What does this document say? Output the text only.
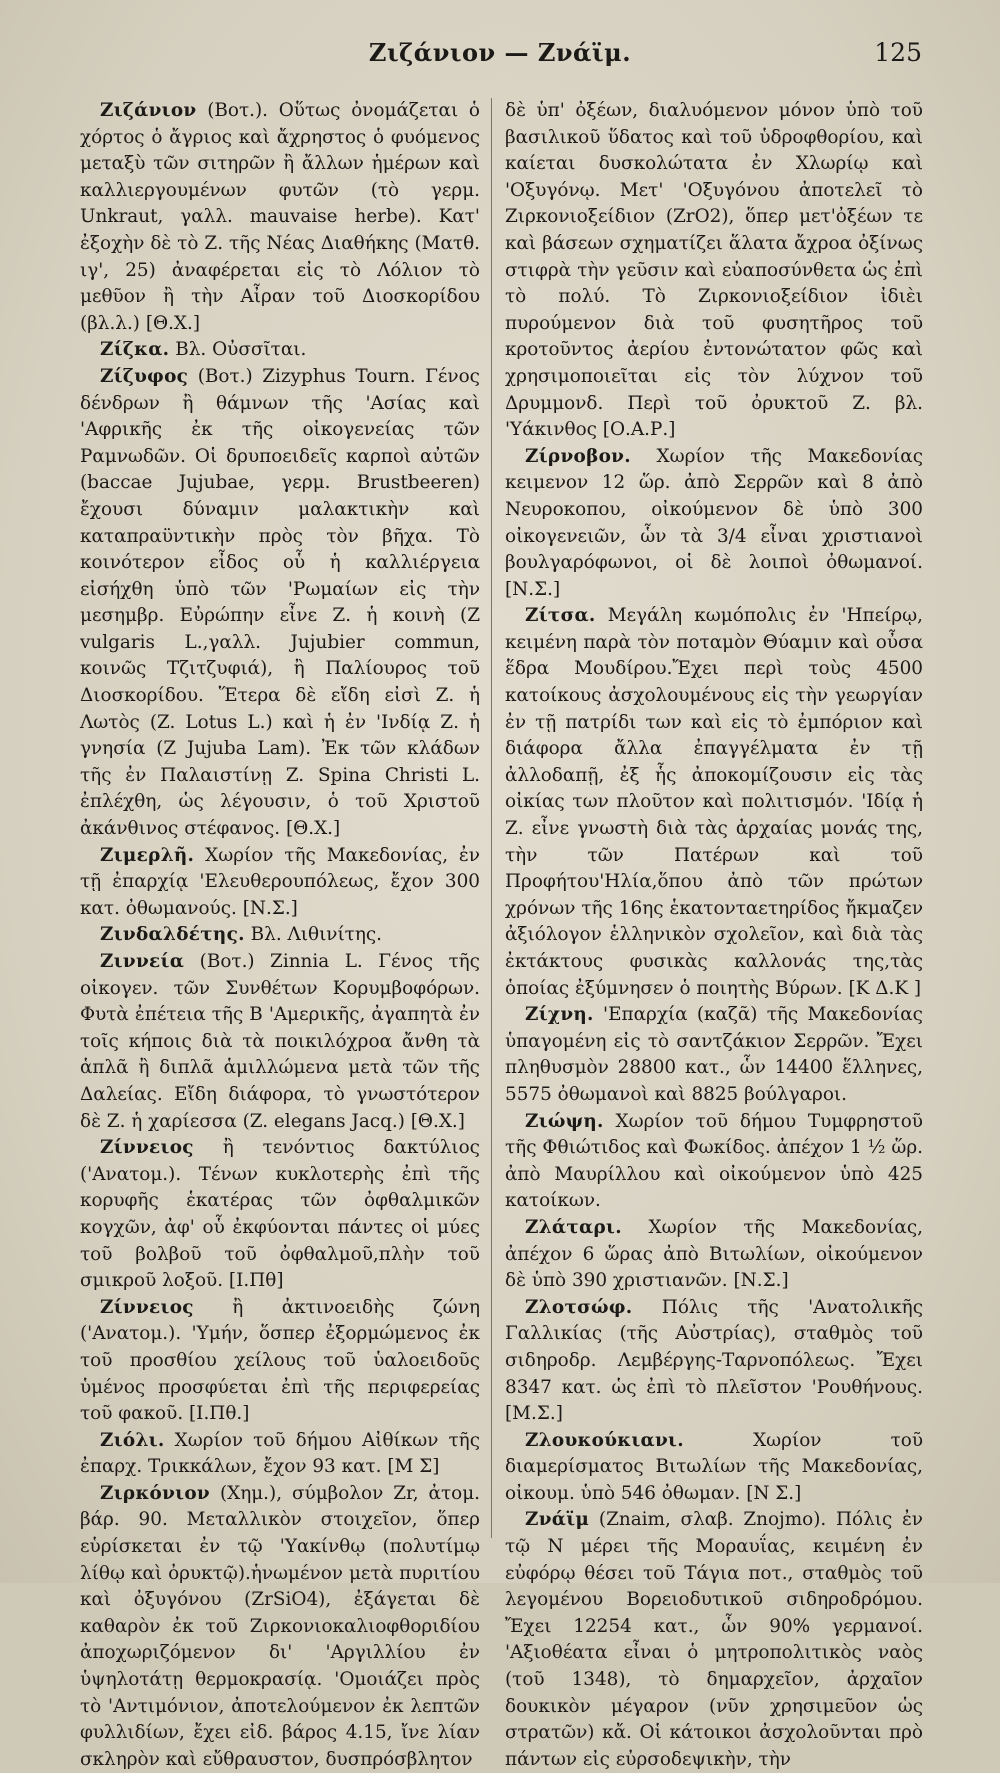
Ζιζάνιον — Ζνάϊμ.	125

Ζιζάνιον (Βοτ.). Οὕτως ὀνομάζεται ὁ χόρτος ὁ ἄγριος καὶ ἄχρηστος ὁ φυόμενος μεταξὺ τῶν σιτηρῶν ἢ ἄλλων ἡμέρων καὶ καλλιεργουμένων φυτῶν (τὸ γερμ. Unkraut, γαλλ. mauvaise herbe). Κατ' ἐξοχὴν δὲ τὸ Ζ. τῆς Νέας Διαθήκης (Ματθ. ιγ', 25) ἀναφέρεται εἰς τὸ Λόλιον τὸ μεθῦον ἢ τὴν Αἶραν τοῦ Διοσκορίδου (βλ.λ.) [Θ.Χ.]

Ζίζκα. Βλ. Οὐσσῖται.

Ζίζυφος (Βοτ.) Zizyphus Tourn. Γένος δένδρων ἢ θάμνων τῆς 'Ασίας καὶ 'Αφρικῆς ἐκ τῆς οἰκογενείας τῶν Ραμνωδῶν. Οἱ δρυποειδεῖς καρποὶ αὐτῶν (baccae Jujubae, γερμ. Brustbeeren) ἔχουσι δύναμιν μαλακτικὴν καὶ καταπραϋντικὴν πρὸς τὸν βῆχα. Τὸ κοινότερον εἶδος οὗ ἡ καλλιέργεια εἰσήχθη ὑπὸ τῶν 'Ρωμαίων εἰς τὴν μεσημβρ. Εὐρώπην εἶνε Ζ. ἡ κοινὴ (Z vulgaris L.,γαλλ. Jujubier commun, κοινῶς Τζιτζυφιά), ἢ Παλίουρος τοῦ Διοσκορίδου. Ἕτερα δὲ εἴδη εἰσὶ Ζ. ἡ Λωτὸς (Z. Lotus L.) καὶ ἡ ἐν 'Ινδίᾳ Ζ. ἡ γνησία (Z Jujuba Lam). Ἐκ τῶν κλάδων τῆς ἐν Παλαιστίνῃ Z. Spina Christi L. ἐπλέχθη, ὡς λέγουσιν, ὁ τοῦ Χριστοῦ ἀκάνθινος στέφανος. [Θ.Χ.]

Ζιμερλῆ. Χωρίον τῆς Μακεδονίας, ἐν τῇ ἐπαρχίᾳ 'Ελευθερουπόλεως, ἔχον 300 κατ. ὀθωμανούς. [Ν.Σ.]

Ζινδαλδέτης. Βλ. Λιθινίτης.

Ζιννεία (Βοτ.) Zinnia L. Γένος τῆς οἰκογεν. τῶν Συνθέτων Κορυμβοφόρων. Φυτὰ ἐπέτεια τῆς Β 'Αμερικῆς, ἀγαπητὰ ἐν τοῖς κήποις διὰ τὰ ποικιλόχροα ἄνθη τὰ ἁπλᾶ ἢ διπλᾶ ἁμιλλώμενα μετὰ τῶν τῆς Δαλείας. Εἴδη διάφορα, τὸ γνωστότερον δὲ Ζ. ἡ χαρίεσσα (Z. elegans Jacq.) [Θ.Χ.]

Ζίννειος ἢ τενόντιος δακτύλιος ('Ανατομ.). Τένων κυκλοτερὴς ἐπὶ τῆς κορυφῆς ἑκατέρας τῶν ὀφθαλμικῶν κογχῶν, ἀφ' οὗ ἐκφύονται πάντες οἱ μύες τοῦ βολβοῦ τοῦ ὀφθαλμοῦ,πλὴν τοῦ σμικροῦ λοξοῦ. [Ι.Πθ]

Ζίννειος ἢ ἀκτινοειδὴς ζώνη ('Ανατομ.). 'Υμήν, ὅσπερ ἐξορμώμενος ἐκ τοῦ προσθίου χείλους τοῦ ὑαλοειδοῦς ὑμένος προσφύεται ἐπὶ τῆς περιφερείας τοῦ φακοῦ. [Ι.Πθ.]

Ζιόλι. Χωρίον τοῦ δήμου Αἰθίκων τῆς ἐπαρχ. Τρικκάλων, ἔχον 93 κατ. [Μ Σ]

Ζιρκόνιον (Χημ.), σύμβολον Zr, ἀτομ. βάρ. 90. Μεταλλικὸν στοιχεῖον, ὅπερ εὑρίσκεται ἐν τῷ 'Υακίνθῳ (πολυτίμῳ λίθῳ καὶ ὀρυκτῷ).ἡνωμένον μετὰ πυριτίου καὶ ὀξυγόνου (ZrSiO4), ἐξάγεται δὲ καθαρὸν ἐκ τοῦ Ζιρκονιοκαλιοφθοριδίου ἀποχωριζόμενον δι' 'Αργιλλίου ἐν ὑψηλοτάτῃ θερμοκρασίᾳ. 'Ομοιάζει πρὸς τὸ 'Αντιμόνιον, ἀποτελούμενον ἐκ λεπτῶν φυλλιδίων, ἔχει εἰδ. βάρος 4.15, ἴνε λίαν σκληρὸν καὶ εὔθραυστον, δυσπρόσβλητον

δὲ ὑπ' ὀξέων, διαλυόμενον μόνον ὑπὸ τοῦ βασιλικοῦ ὕδατος καὶ τοῦ ὑδροφθορίου, καὶ καίεται δυσκολώτατα ἐν Χλωρίῳ καὶ 'Οξυγόνῳ. Μετ' 'Οξυγόνου ἀποτελεῖ τὸ Ζιρκονιοξείδιον (ZrO2), ὅπερ μετ'ὀξέων τε καὶ βάσεων σχηματίζει ἅλατα ἄχροα ὀξίνως στιφρὰ τὴν γεῦσιν καὶ εὐαποσύνθετα ὡς ἐπὶ τὸ πολύ. Τὸ Ζιρκονιοξείδιον ἰδιὲι πυρούμενον διὰ τοῦ φυσητῆρος τοῦ κροτοῦντος ἀερίου ἐντονώτατον φῶς καὶ χρησιμοποιεῖται εἰς τὸν λύχνον τοῦ Δρυμμονδ. Περὶ τοῦ ὀρυκτοῦ Ζ. βλ. 'Υάκινθος [Ο.Α.Ρ.]

Ζίρνοβον. Χωρίον τῆς Μακεδονίας κειμενον 12 ὥρ. ἀπὸ Σερρῶν καὶ 8 ἀπὸ Νευροκοπου, οἰκούμενον δὲ ὑπὸ 300 οἰκογενειῶν, ὧν τὰ 3/4 εἶναι χριστιανοὶ βουλγαρόφωνοι, οἱ δὲ λοιποὶ ὀθωμανοί. [Ν.Σ.]

Ζίτσα. Μεγάλη κωμόπολις ἐν 'Ηπείρῳ, κειμένη παρὰ τὸν ποταμὸν Θύαμιν καὶ οὖσα ἕδρα Μουδίρου.Ἔχει περὶ τοὺς 4500 κατοίκους ἀσχολουμένους εἰς τὴν γεωργίαν ἐν τῇ πατρίδι των καὶ εἰς τὸ ἐμπόριον καὶ διάφορα ἄλλα ἐπαγγέλματα ἐν τῇ ἀλλοδαπῇ, ἐξ ἧς ἀποκομίζουσιν εἰς τὰς οἰκίας των πλοῦτον καὶ πολιτισμόν. 'Ιδίᾳ ἡ Ζ. εἶνε γνωστὴ διὰ τὰς ἀρχαίας μονάς της, τὴν τῶν Πατέρων καὶ τοῦ Προφήτου'Ηλία,ὅπου ἀπὸ τῶν πρώτων χρόνων τῆς 16ης ἑκατονταετηρίδος ἤκμαζεν ἀξιόλογον ἑλληνικὸν σχολεῖον, καὶ διὰ τὰς ἐκτάκτους φυσικὰς καλλονάς της,τὰς ὁποίας ἐξύμνησεν ὁ ποιητὴς Βύρων. [Κ Δ.Κ ]

Ζίχνη. 'Επαρχία (καζᾶ) τῆς Μακεδονίας ὑπαγομένη εἰς τὸ σαντζάκιον Σερρῶν. Ἔχει πληθυσμὸν 28800 κατ., ὧν 14400 ἕλληνες, 5575 ὀθωμανοὶ καὶ 8825 βούλγαροι.

Ζιώψη. Χωρίον τοῦ δήμου Τυμφρηστοῦ τῆς Φθιώτιδος καὶ Φωκίδος. ἀπέχον 1 ½ ὥρ. ἀπὸ Μαυρίλλου καὶ οἰκούμενον ὑπὸ 425 κατοίκων.

Ζλάταρι. Χωρίον τῆς Μακεδονίας, ἀπέχον 6 ὥρας ἀπὸ Βιτωλίων, οἰκούμενον δὲ ὑπὸ 390 χριστιανῶν. [Ν.Σ.]

Ζλοτσώφ. Πόλις τῆς 'Ανατολικῆς Γαλλικίας (τῆς Αὐστρίας), σταθμὸς τοῦ σιδηροδρ. Λεμβέργης-Ταρνοπόλεως. Ἔχει 8347 κατ. ὡς ἐπὶ τὸ πλεῖστον 'Ρουθήνους. [Μ.Σ.]

Ζλουκούκιανι.	Χωρίον τοῦ διαμερίσματος Βιτωλίων τῆς Μακεδονίας, οἰκουμ. ὑπὸ 546 ὀθωμαν. [Ν Σ.]

Ζνάϊμ (Znaim, σλαβ. Znojmo). Πόλις ἐν τῷ Ν μέρει τῆς Μοραυΐας, κειμένη ἐν εὐφόρῳ θέσει τοῦ Τάγια ποτ., σταθμὸς τοῦ λεγομένου Βορειοδυτικοῦ σιδηροδρόμου. Ἔχει 12254 κατ., ὧν 90% γερμανοί. 'Αξιοθέατα εἶναι ὁ μητροπολιτικὸς ναὸς (τοῦ 1348), τὸ δημαρχεῖον, ἀρχαῖον δουκικὸν μέγαρον (νῦν χρησιμεῦον ὡς στρατῶν) κἄ. Οἱ κάτοικοι ἀσχολοῦνται πρὸ πάντων εἰς εὐρσοδεψικὴν, τὴν
